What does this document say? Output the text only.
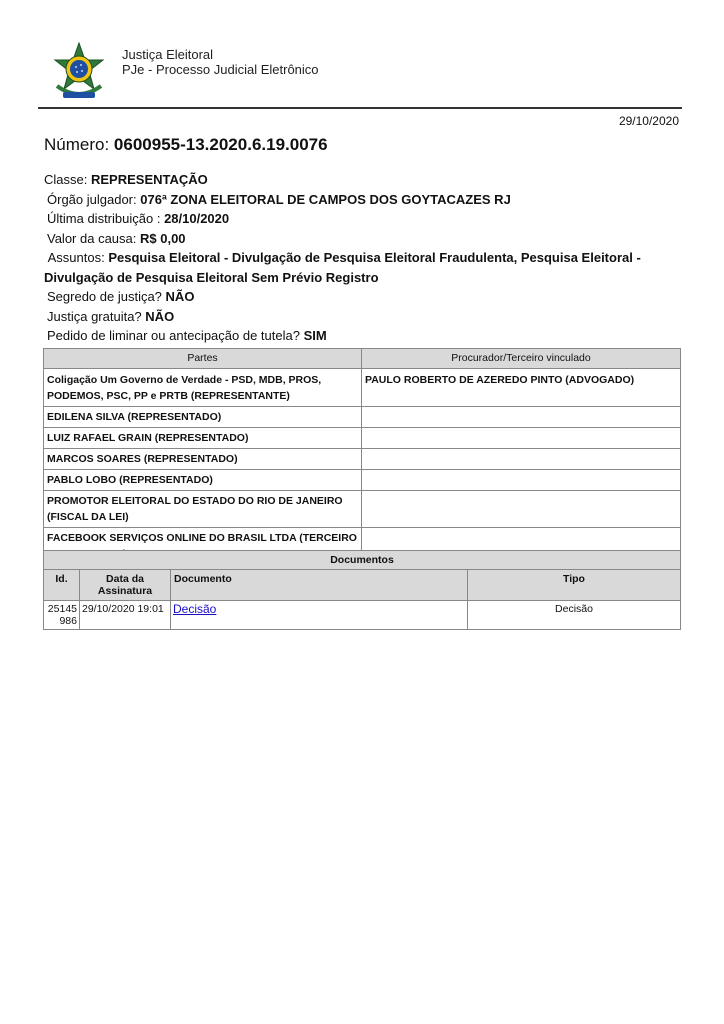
Justiça Eleitoral
PJe - Processo Judicial Eletrônico
29/10/2020
Número: 0600955-13.2020.6.19.0076
Classe: REPRESENTAÇÃO
Órgão julgador: 076ª ZONA ELEITORAL DE CAMPOS DOS GOYTACAZES RJ
Última distribuição : 28/10/2020
Valor da causa: R$ 0,00
Assuntos: Pesquisa Eleitoral - Divulgação de Pesquisa Eleitoral Fraudulenta, Pesquisa Eleitoral - Divulgação de Pesquisa Eleitoral Sem Prévio Registro
Segredo de justiça? NÃO
Justiça gratuita? NÃO
Pedido de liminar ou antecipação de tutela? SIM
Partes	Procurador/Terceiro vinculado
Coligação Um Governo de Verdade - PSD, MDB, PROS, PODEMOS, PSC, PP e PRTB (REPRESENTANTE)	PAULO ROBERTO DE AZEREDO PINTO (ADVOGADO)
EDILENA SILVA (REPRESENTADO)	
LUIZ RAFAEL GRAIN (REPRESENTADO)	
MARCOS SOARES (REPRESENTADO)	
PABLO LOBO (REPRESENTADO)	
PROMOTOR ELEITORAL DO ESTADO DO RIO DE JANEIRO (FISCAL DA LEI)	
FACEBOOK SERVIÇOS ONLINE DO BRASIL LTDA (TERCEIRO	
Documentos			
Id.	Data da Assinatura	Documento	Tipo
25145986	29/10/2020 19:01	Decisão	Decisão
